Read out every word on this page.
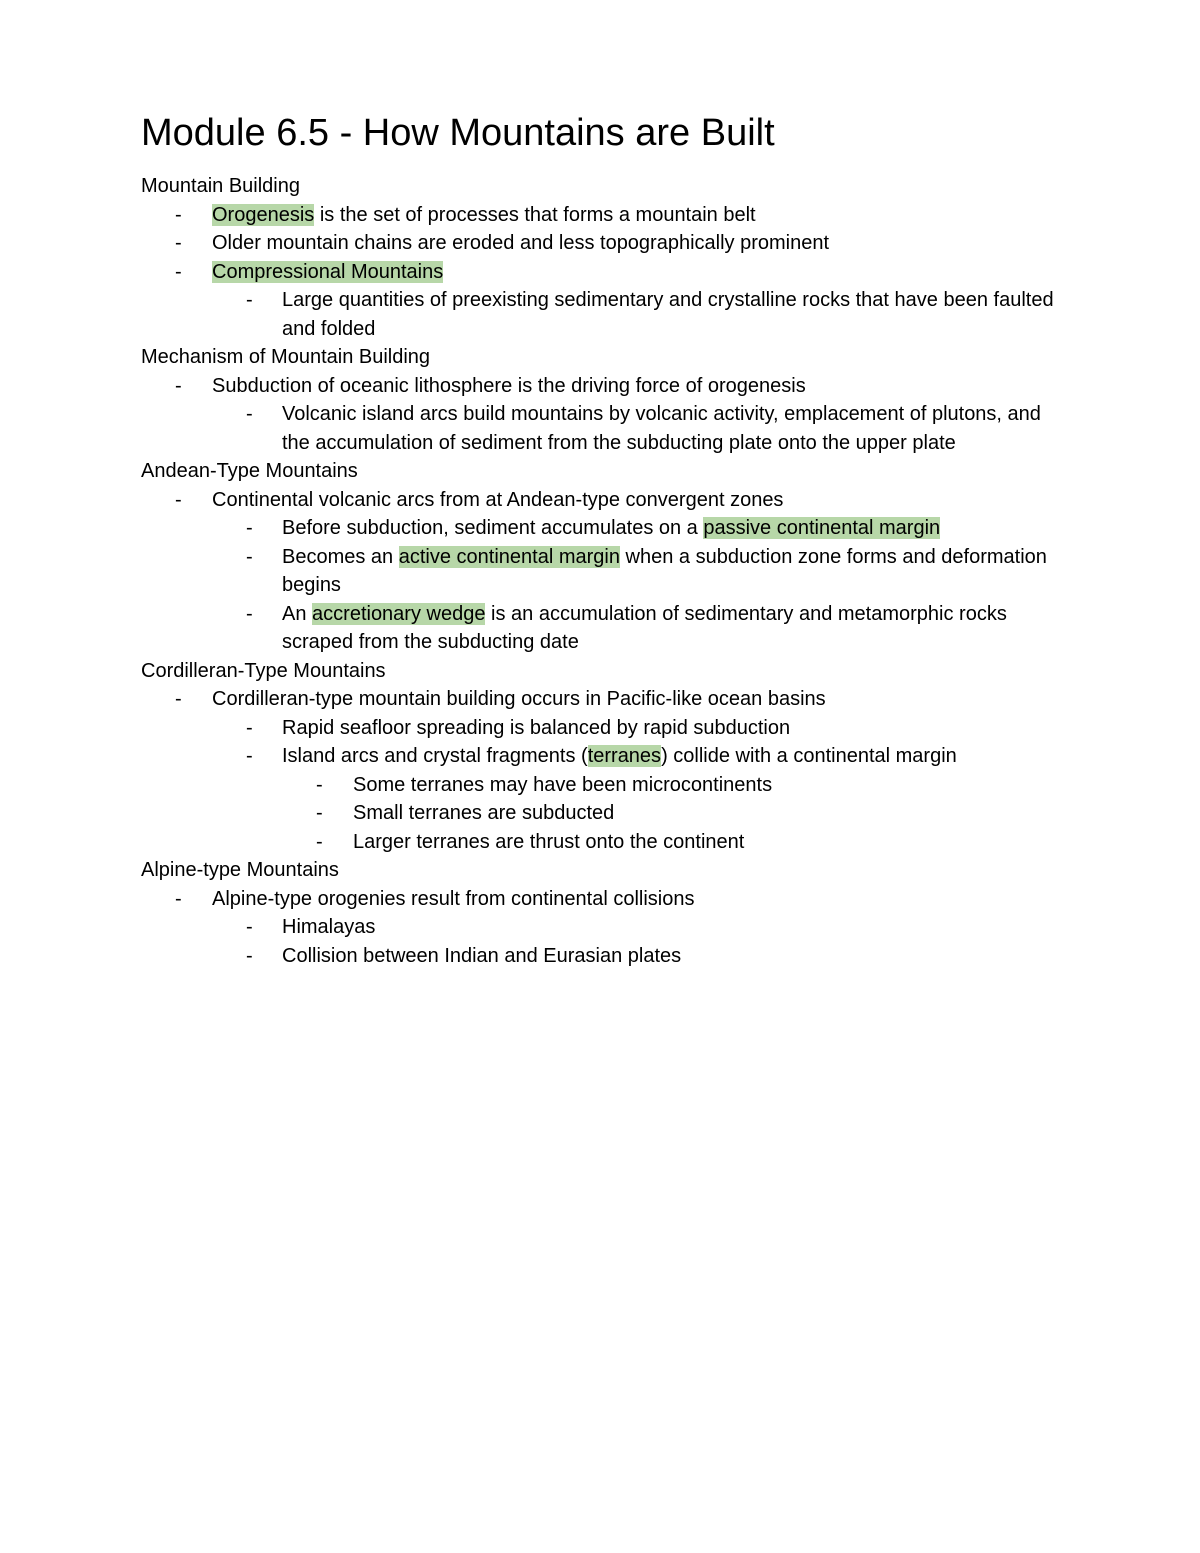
Module 6.5 - How Mountains are Built
Mountain Building
- Orogenesis is the set of processes that forms a mountain belt
- Older mountain chains are eroded and less topographically prominent
- Compressional Mountains
- Large quantities of preexisting sedimentary and crystalline rocks that have been faulted and folded
Mechanism of Mountain Building
- Subduction of oceanic lithosphere is the driving force of orogenesis
- Volcanic island arcs build mountains by volcanic activity, emplacement of plutons, and the accumulation of sediment from the subducting plate onto the upper plate
Andean-Type Mountains
- Continental volcanic arcs from at Andean-type convergent zones
- Before subduction, sediment accumulates on a passive continental margin
- Becomes an active continental margin when a subduction zone forms and deformation begins
- An accretionary wedge is an accumulation of sedimentary and metamorphic rocks scraped from the subducting date
Cordilleran-Type Mountains
- Cordilleran-type mountain building occurs in Pacific-like ocean basins
- Rapid seafloor spreading is balanced by rapid subduction
- Island arcs and crystal fragments (terranes) collide with a continental margin
- Some terranes may have been microcontinents
- Small terranes are subducted
- Larger terranes are thrust onto the continent
Alpine-type Mountains
- Alpine-type orogenies result from continental collisions
- Himalayas
- Collision between Indian and Eurasian plates
